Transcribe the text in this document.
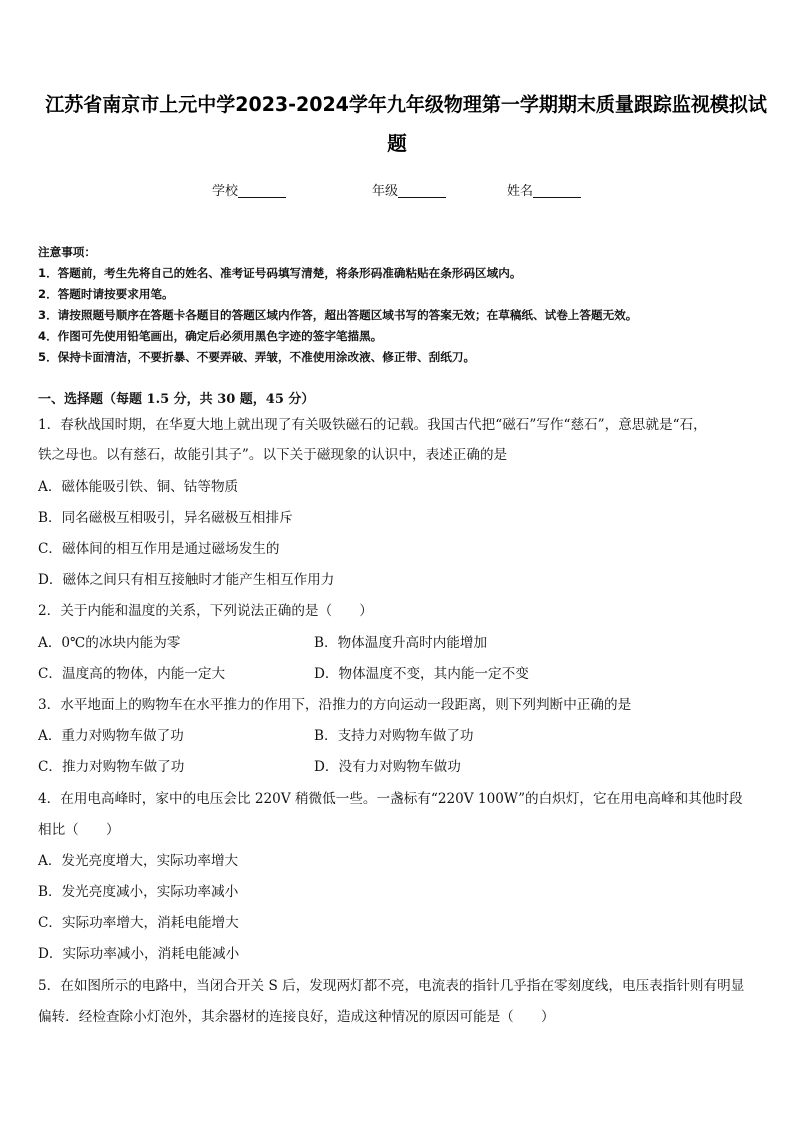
江苏省南京市上元中学2023-2024学年九年级物理第一学期期末质量跟踪监视模拟试
题
学校	年级	姓名
注意事项：
1．答题前，考生先将自己的姓名、准考证号码填写清楚，将条形码准确粘贴在条形码区域内。
2．答题时请按要求用笔。
3．请按照题号顺序在答题卡各题目的答题区域内作答，超出答题区域书写的答案无效；在草稿纸、试卷上答题无效。
4．作图可先使用铅笔画出，确定后必须用黑色字迹的签字笔描黑。
5．保持卡面清洁，不要折暴、不要弄破、弄皱，不准使用涂改液、修正带、刮纸刀。
一、选择题（每题 1.5 分，共 30 题，45 分）
1．春秋战国时期，在华夏大地上就出现了有关吸铁磁石的记载。我国古代把“磁石”写作“慈石”，意思就是“石，
铁之母也。以有慈石，故能引其子”。以下关于磁现象的认识中，表述正确的是
A．磁体能吸引铁、铜、钴等物质
B．同名磁极互相吸引，异名磁极互相排斥
C．磁体间的相互作用是通过磁场发生的
D．磁体之间只有相互接触时才能产生相互作用力
2．关于内能和温度的关系，下列说法正确的是（　　）
A．0℃的冰块内能为零	B．物体温度升高时内能增加
C．温度高的物体，内能一定大	D．物体温度不变，其内能一定不变
3．水平地面上的购物车在水平推力的作用下，沿推力的方向运动一段距离，则下列判断中正确的是
A．重力对购物车做了功	B．支持力对购物车做了功
C．推力对购物车做了功	D．没有力对购物车做功
4．在用电高峰时，家中的电压会比 220V 稍微低一些。一盏标有“220V 100W”的白炽灯，它在用电高峰和其他时段
相比（　　）
A．发光亮度增大，实际功率增大
B．发光亮度减小，实际功率减小
C．实际功率增大，消耗电能增大
D．实际功率减小，消耗电能减小
5．在如图所示的电路中，当闭合开关 S 后，发现两灯都不亮，电流表的指针几乎指在零刻度线，电压表指针则有明显
偏转．经检查除小灯泡外，其余器材的连接良好，造成这种情况的原因可能是（　　）
